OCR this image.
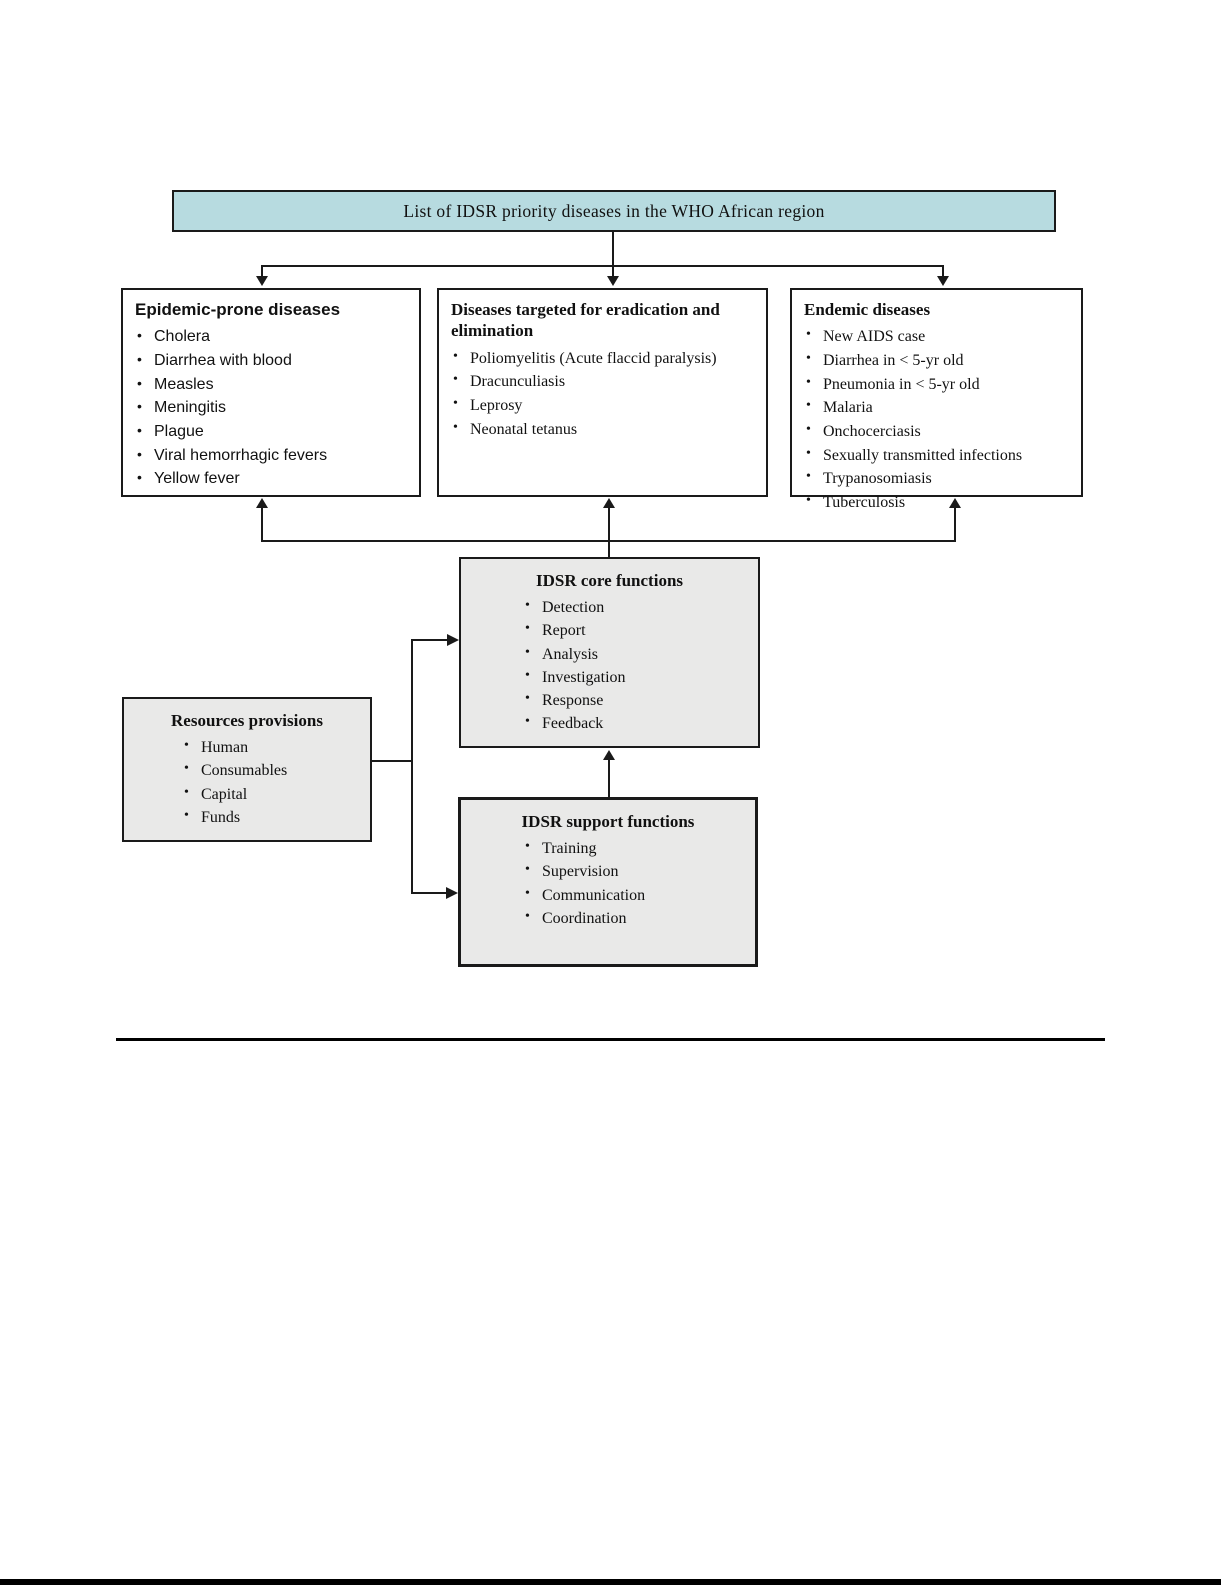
List of IDSR priority diseases in the WHO African region
Epidemic-prone diseases
• Cholera
• Diarrhea with blood
• Measles
• Meningitis
• Plague
• Viral hemorrhagic fevers
• Yellow fever
Diseases targeted for eradication and elimination
• Poliomyelitis (Acute flaccid paralysis)
• Dracunculiasis
• Leprosy
• Neonatal tetanus
Endemic diseases
• New AIDS case
• Diarrhea in < 5-yr old
• Pneumonia in < 5-yr old
• Malaria
• Onchocerciasis
• Sexually transmitted infections
• Trypanosomiasis
• Tuberculosis
IDSR core functions
• Detection
• Report
• Analysis
• Investigation
• Response
• Feedback
IDSR support functions
• Training
• Supervision
• Communication
• Coordination
Resources provisions
• Human
• Consumables
• Capital
• Funds
